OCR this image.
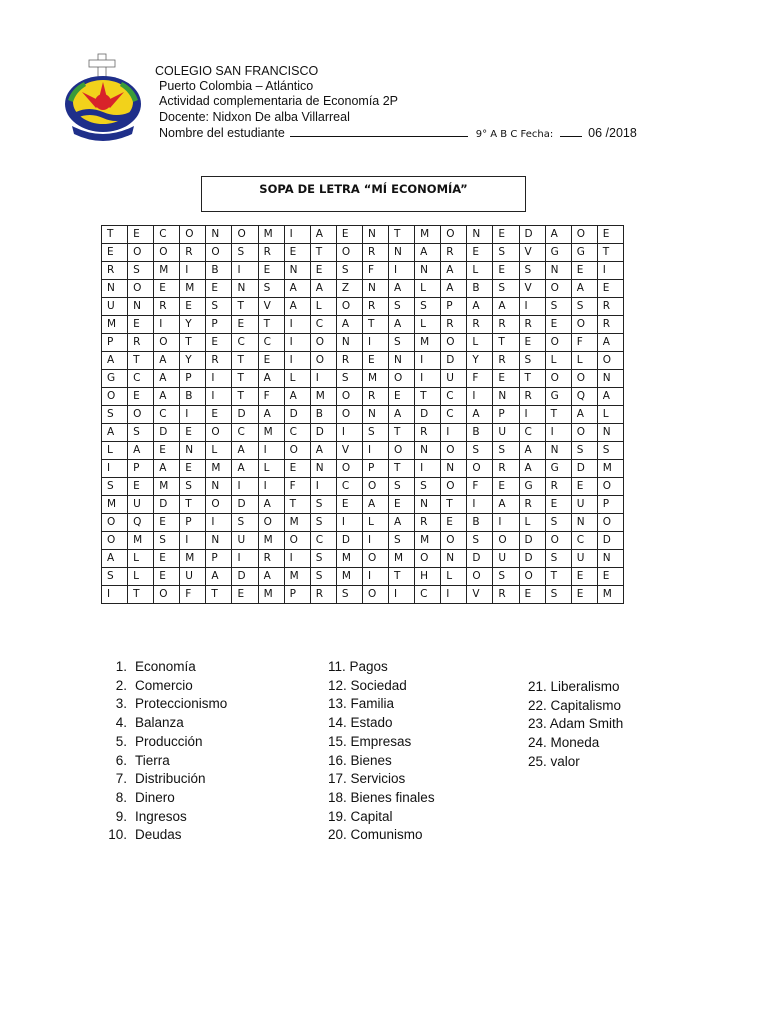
COLEGIO SAN FRANCISCO
Puerto Colombia – Atlántico
Actividad complementaria de Economía 2P
Docente: Nidxon De alba Villarreal
Nombre del estudiante	9° A B C Fecha:	06 /2018
SOPA DE LETRA “MÍ ECONOMÍA”
T	E	C	O	N	O	M	I	A	E	N	T	M	O	N	E	D	A	O	E
E	O	O	R	O	S	R	E	T	O	R	N	A	R	E	S	V	G	G	T
R	S	M	I	B	I	E	N	E	S	F	I	N	A	L	E	S	N	E	I
N	O	E	M	E	N	S	A	A	Z	N	A	L	A	B	S	V	O	A	E
U	N	R	E	S	T	V	A	L	O	R	S	S	P	A	A	I	S	S	R
M	E	I	Y	P	E	T	I	C	A	T	A	L	R	R	R	R	E	O	R
P	R	O	T	E	C	C	I	O	N	I	S	M	O	L	T	E	O	F	A
A	T	A	Y	R	T	E	I	O	R	E	N	I	D	Y	R	S	L	L	O
G	C	A	P	I	T	A	L	I	S	M	O	I	U	F	E	T	O	O	N
O	E	A	B	I	T	F	A	M	O	R	E	T	C	I	N	R	G	Q	A
S	O	C	I	E	D	A	D	B	O	N	A	D	C	A	P	I	T	A	L
A	S	D	E	O	C	M	C	D	I	S	T	R	I	B	U	C	I	O	N
L	A	E	N	L	A	I	O	A	V	I	O	N	O	S	S	A	N	S	S
I	P	A	E	M	A	L	E	N	O	P	T	I	N	O	R	A	G	D	M
S	E	M	S	N	I	I	F	I	C	O	S	S	O	F	E	G	R	E	O
M	U	D	T	O	D	A	T	S	E	A	E	N	T	I	A	R	E	U	P
O	Q	E	P	I	S	O	M	S	I	L	A	R	E	B	I	L	S	N	O
O	M	S	I	N	U	M	O	C	D	I	S	M	O	S	O	D	O	C	D
A	L	E	M	P	I	R	I	S	M	O	M	O	N	D	U	D	S	U	N
S	L	E	U	A	D	A	M	S	M	I	T	H	L	O	S	O	T	E	E
I	T	O	F	T	E	M	P	R	S	O	I	C	I	V	R	E	S	E	M
1. Economía
2. Comercio
3. Proteccionismo
4. Balanza
5. Producción
6. Tierra
7. Distribución
8. Dinero
9. Ingresos
10. Deudas
11. Pagos
12. Sociedad
13. Familia
14. Estado
15. Empresas
16. Bienes
17. Servicios
18. Bienes finales
19. Capital
20. Comunismo
21. Liberalismo
22. Capitalismo
23. Adam Smith
24. Moneda
25. valor
